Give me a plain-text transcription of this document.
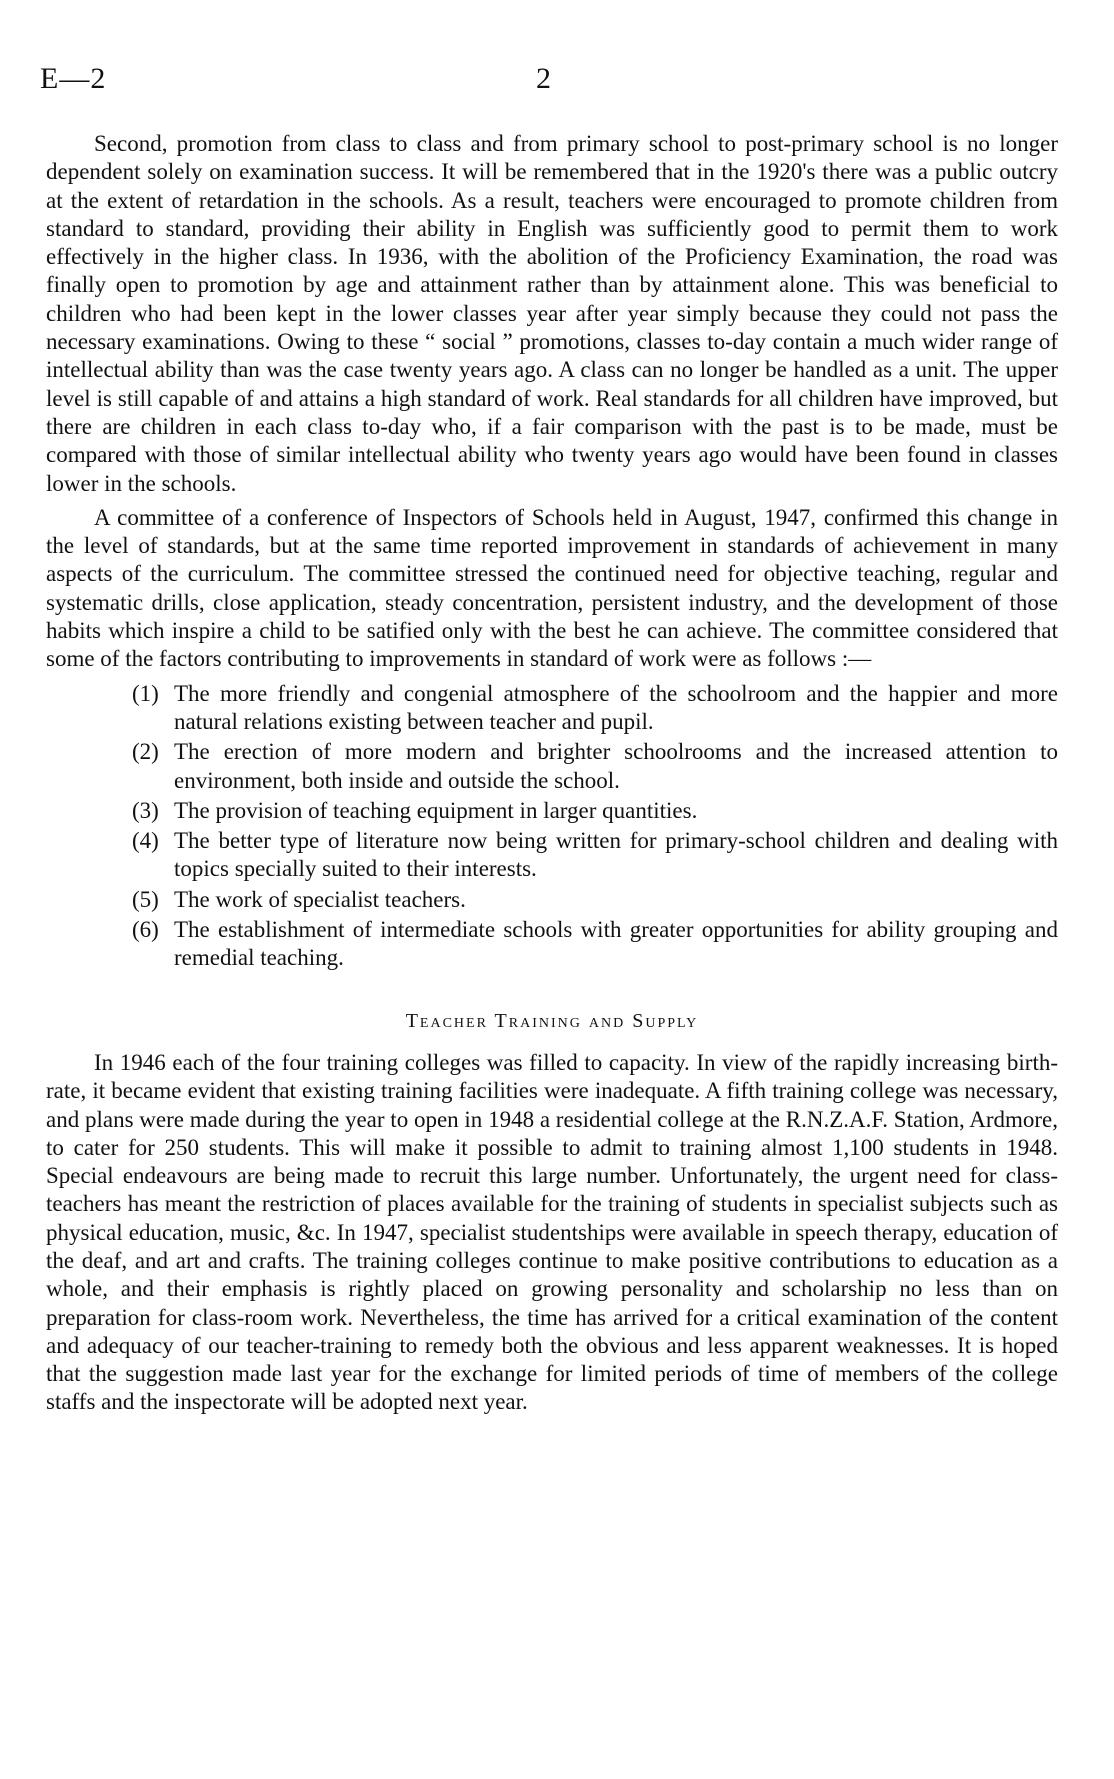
E—2	2

Second, promotion from class to class and from primary school to post-primary school is no longer dependent solely on examination success. It will be remembered that in the 1920's there was a public outcry at the extent of retardation in the schools. As a result, teachers were encouraged to promote children from standard to standard, providing their ability in English was sufficiently good to permit them to work effectively in the higher class. In 1936, with the abolition of the Proficiency Examination, the road was finally open to promotion by age and attainment rather than by attainment alone. This was beneficial to children who had been kept in the lower classes year after year simply because they could not pass the necessary examinations. Owing to these “ social ” promotions, classes to-day contain a much wider range of intellectual ability than was the case twenty years ago. A class can no longer be handled as a unit. The upper level is still capable of and attains a high standard of work. Real standards for all children have improved, but there are children in each class to-day who, if a fair comparison with the past is to be made, must be compared with those of similar intellectual ability who twenty years ago would have been found in classes lower in the schools.

A committee of a conference of Inspectors of Schools held in August, 1947, confirmed this change in the level of standards, but at the same time reported improvement in standards of achievement in many aspects of the curriculum. The committee stressed the continued need for objective teaching, regular and systematic drills, close application, steady concentration, persistent industry, and the development of those habits which inspire a child to be satified only with the best he can achieve. The committee considered that some of the factors contributing to improvements in standard of work were as follows :—

(1) The more friendly and congenial atmosphere of the schoolroom and the happier and more natural relations existing between teacher and pupil.
(2) The erection of more modern and brighter schoolrooms and the increased attention to environment, both inside and outside the school.
(3) The provision of teaching equipment in larger quantities.
(4) The better type of literature now being written for primary-school children and dealing with topics specially suited to their interests.
(5) The work of specialist teachers.
(6) The establishment of intermediate schools with greater opportunities for ability grouping and remedial teaching.
Teacher Training and Supply

In 1946 each of the four training colleges was filled to capacity. In view of the rapidly increasing birth-rate, it became evident that existing training facilities were inadequate. A fifth training college was necessary, and plans were made during the year to open in 1948 a residential college at the R.N.Z.A.F. Station, Ardmore, to cater for 250 students. This will make it possible to admit to training almost 1,100 students in 1948. Special endeavours are being made to recruit this large number. Unfortunately, the urgent need for class-teachers has meant the restriction of places available for the training of students in specialist subjects such as physical education, music, &c. In 1947, specialist studentships were available in speech therapy, education of the deaf, and art and crafts. The training colleges continue to make positive contributions to education as a whole, and their emphasis is rightly placed on growing personality and scholarship no less than on preparation for class-room work. Nevertheless, the time has arrived for a critical examination of the content and adequacy of our teacher-training to remedy both the obvious and less apparent weaknesses. It is hoped that the suggestion made last year for the exchange for limited periods of time of members of the college staffs and the inspectorate will be adopted next year.
